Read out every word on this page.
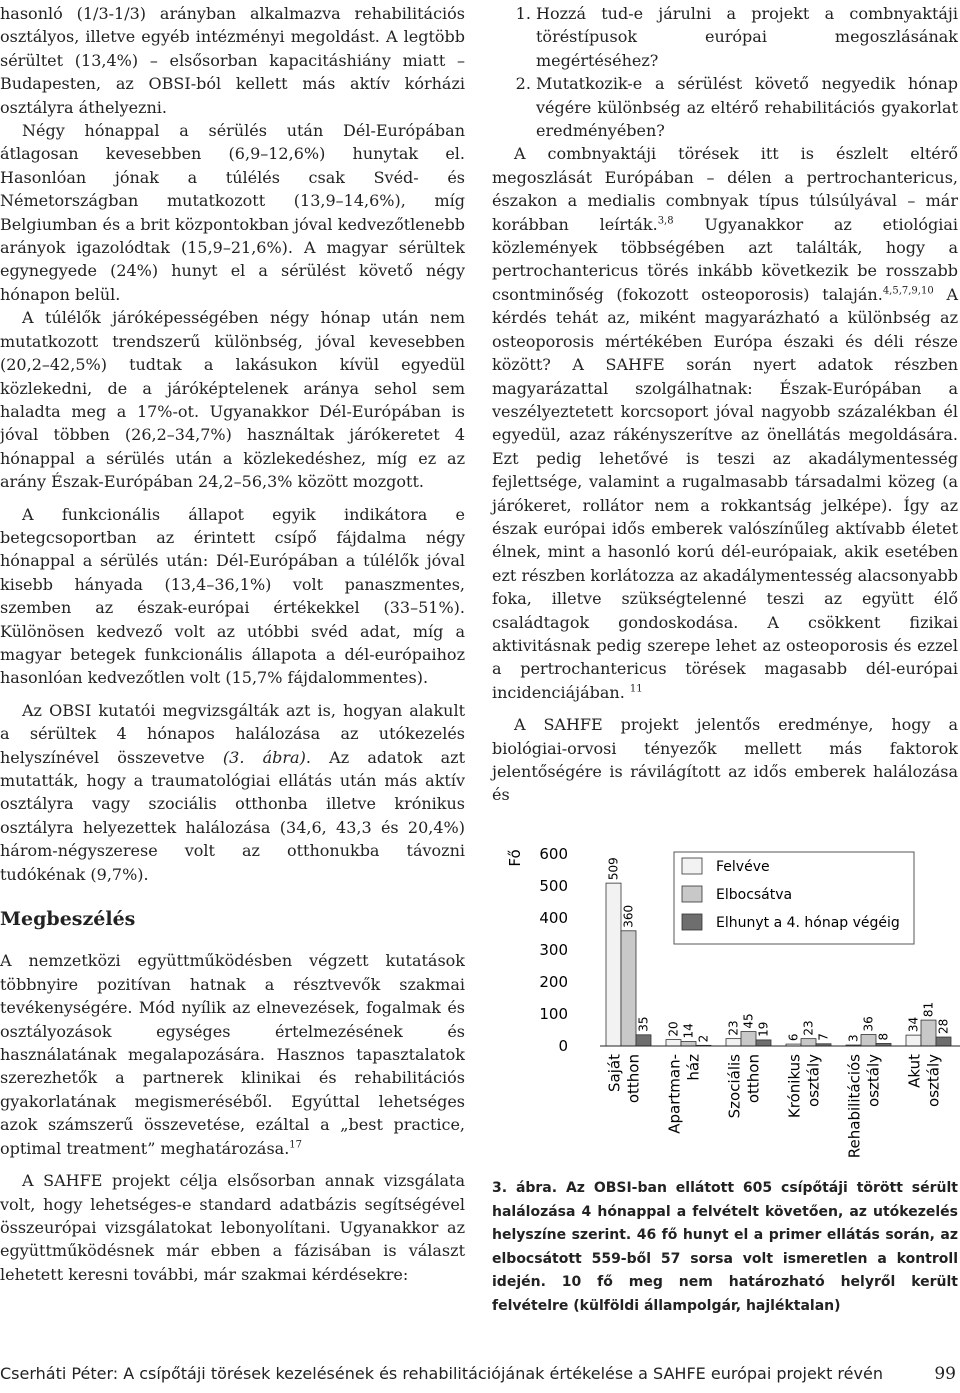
hasonló (1/3-1/3) arányban alkalmazva rehabilitációs osztályos, illetve egyéb intézményi megoldást. A legtöbb sérültet (13,4%) – elsősorban kapacitáshiány miatt – Budapesten, az OBSI-ból kellett más aktív kórházi osztályra áthelyezni.

Négy hónappal a sérülés után Dél-Európában átlagosan kevesebben (6,9–12,6%) hunytak el. Hasonlóan jónak a túlélés csak Svéd- és Németországban mutatkozott (13,9–14,6%), míg Belgiumban és a brit központokban jóval kedvezőtlenebb arányok igazolódtak (15,9–21,6%). A magyar sérültek egynegyede (24%) hunyt el a sérülést követő négy hónapon belül.

A túlélők járóképességében négy hónap után nem mutatkozott trendszerű különbség, jóval kevesebben (20,2–42,5%) tudtak a lakásukon kívül egyedül közlekedni, de a járóképtelenek aránya sehol sem haladta meg a 17%-ot. Ugyanakkor Dél-Európában is jóval többen (26,2–34,7%) használtak járókeretet 4 hónappal a sérülés után a közlekedéshez, míg ez az arány Észak-Európában 24,2–56,3% között mozgott.

A funkcionális állapot egyik indikátora e betegcsoportban az érintett csípő fájdalma négy hónappal a sérülés után: Dél-Európában a túlélők jóval kisebb hányada (13,4–36,1%) volt panaszmentes, szemben az észak-európai értékekkel (33–51%). Különösen kedvező volt az utóbbi svéd adat, míg a magyar betegek funkcionális állapota a dél-európaihoz hasonlóan kedvezőtlen volt (15,7% fájdalommentes).

Az OBSI kutatói megvizsgálták azt is, hogyan alakult a sérültek 4 hónapos halálozása az utókezelés helyszínével összevetve (3. ábra). Az adatok azt mutatták, hogy a traumatológiai ellátás után más aktív osztályra vagy szociális otthonba illetve krónikus osztályra helyezettek halálozása (34,6, 43,3 és 20,4%) három-négyszerese volt az otthonukba távozni tudókénak (9,7%).

Megbeszélés

A nemzetközi együttműködésben végzett kutatások többnyire pozitívan hatnak a résztvevők szakmai tevékenységére. Mód nyílik az elnevezések, fogalmak és osztályozások egységes értelmezésének és használatának megalapozására. Hasznos tapasztalatok szerezhetők a partnerek klinikai és rehabilitációs gyakorlatának megismeréséből. Egyúttal lehetséges azok számszerű összevetése, ezáltal a „best practice, optimal treatment” meghatározása.$^{17}$

A SAHFE projekt célja elsősorban annak vizsgálata volt, hogy lehetséges-e standard adatbázis segítségével összeurópai vizsgálatokat lebonyolítani. Ugyanakkor az együttműködésnek már ebben a fázisában is választ lehetett keresni további, már szakmai kérdésekre:

1. Hozzá tud-e járulni a projekt a combnyaktáji töréstípusok európai megoszlásának megértéséhez?
2. Mutatkozik-e a sérülést követő negyedik hónap végére különbség az eltérő rehabilitációs gyakorlat eredményében?

A combnyaktáji törések itt is észlelt eltérő megoszlását Európában – délen a pertrochantericus, északon a medialis combnyak típus túlsúlyával – már korábban leírták.$^{3,8}$ Ugyanakkor az etiológiai közlemények többségében azt találták, hogy a pertrochantericus törés inkább következik be rosszabb csontminőség (fokozott osteoporosis) talaján.$^{4,5,7,9,10}$ A kérdés tehát az, miként magyarázható a különbség az osteoporosis mértékében Európa északi és déli része között? A SAHFE során nyert adatok részben magyarázattal szolgálhatnak: Észak-Európában a veszélyeztetett korcsoport jóval nagyobb százalékban él egyedül, azaz rákényszerítve az önellátás megoldására. Ezt pedig lehetővé is teszi az akadálymentesség fejlettsége, valamint a rugalmasabb társadalmi közeg (a járókeret, rollátor nem a rokkantság jelképe). Így az észak európai idős emberek valószínűleg aktívabb életet élnek, mint a hasonló korú dél-európaiak, akik esetében ezt részben korlátozza az akadálymentesség alacsonyabb foka, illetve szükségtelenné teszi az együtt élő családtagok gondoskodása. A csökkent fizikai aktivitásnak pedig szerepe lehet az osteoporosis és ezzel a pertrochantericus törések magasabb dél-európai incidenciájában. $^{11}$

A SAHFE projekt jelentős eredménye, hogy a biológiai-orvosi tényezők mellett más faktorok jelentőségére is rávilágított az idős emberek halálozása és

Fő
0
100
200
300
400
500
600
509
360
35 20 14
2
23 45
19
6
23
7 3
36
8
34
81
28
Sajátotthon Apartman-ház Szociálisotthon Krónikusosztály Rehabilitációsosztály Akutosztály
Felvéve
Elbocsátva
Elhunyt a 4. hónap végéig
3. ábra. Az OBSI-ban ellátott 605 csípőtáji törött sérült halálozása 4 hónappal a felvételt követően, az utókezelés helyszíne szerint. 46 fő hunyt el a primer ellátás során, az elbocsátott 559-ből 57 sorsa volt ismeretlen a kontroll idején. 10 fő meg nem határozható helyről került felvételre (külföldi állampolgár, hajléktalan)
Cserháti Péter: A csípőtáji törések kezelésének és rehabilitációjának értékelése a SAHFE európai projekt révén	99
